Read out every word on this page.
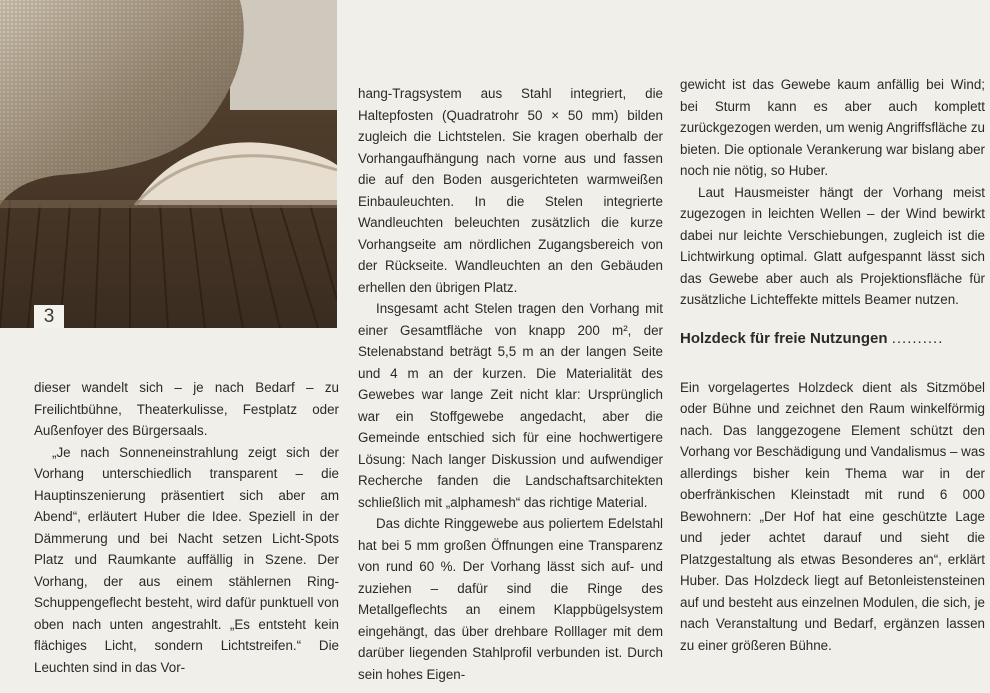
3

dieser wandelt sich – je nach Bedarf – zu Freilichtbühne, Theaterkulisse, Festplatz oder Außenfoyer des Bürgersaals.

„Je nach Sonneneinstrahlung zeigt sich der Vorhang unterschiedlich transparent – die Hauptinszenierung präsentiert sich aber am Abend“, erläutert Huber die Idee. Speziell in der Dämmerung und bei Nacht setzen Licht-Spots Platz und Raumkante auffällig in Szene. Der Vorhang, der aus einem stählernen Ring-Schuppengeflecht besteht, wird dafür punktuell von oben nach unten angestrahlt. „Es entsteht kein flächiges Licht, sondern Lichtstreifen.“ Die Leuchten sind in das Vor-

hang-Tragsystem aus Stahl integriert, die Haltepfosten (Quadratrohr 50 × 50 mm) bilden zugleich die Lichtstelen. Sie kragen oberhalb der Vorhangaufhängung nach vorne aus und fassen die auf den Boden ausgerichteten warmweißen Einbauleuchten. In die Stelen integrierte Wandleuchten beleuchten zusätzlich die kurze Vorhangseite am nördlichen Zugangsbereich von der Rückseite. Wandleuchten an den Gebäuden erhellen den übrigen Platz.

Insgesamt acht Stelen tragen den Vorhang mit einer Gesamtfläche von knapp 200 m², der Stelenabstand beträgt 5,5 m an der langen Seite und 4 m an der kurzen. Die Materialität des Gewebes war lange Zeit nicht klar: Ursprünglich war ein Stoffgewebe angedacht, aber die Gemeinde entschied sich für eine hochwertigere Lösung: Nach langer Diskussion und aufwendiger Recherche fanden die Landschaftsarchitekten schließlich mit „alphamesh“ das richtige Material.

Das dichte Ringgewebe aus poliertem Edelstahl hat bei 5 mm großen Öffnungen eine Transparenz von rund 60 %. Der Vorhang lässt sich auf- und zuziehen – dafür sind die Ringe des Metallgeflechts an einem Klappbügelsystem eingehängt, das über drehbare Rolllager mit dem darüber liegenden Stahlprofil verbunden ist. Durch sein hohes Eigen-

gewicht ist das Gewebe kaum anfällig bei Wind; bei Sturm kann es aber auch komplett zurückgezogen werden, um wenig Angriffsfläche zu bieten. Die optionale Verankerung war bislang aber noch nie nötig, so Huber.

Laut Hausmeister hängt der Vorhang meist zugezogen in leichten Wellen – der Wind bewirkt dabei nur leichte Verschiebungen, zugleich ist die Lichtwirkung optimal. Glatt aufgespannt lässt sich das Gewebe aber auch als Projektionsfläche für zusätzliche Lichteffekte mittels Beamer nutzen.

Holzdeck für freie Nutzungen ..........

Ein vorgelagertes Holzdeck dient als Sitzmöbel oder Bühne und zeichnet den Raum winkelförmig nach. Das langgezogene Element schützt den Vorhang vor Beschädigung und Vandalismus – was allerdings bisher kein Thema war in der oberfränkischen Kleinstadt mit rund 6 000 Bewohnern: „Der Hof hat eine geschützte Lage und jeder achtet darauf und sieht die Platzgestaltung als etwas Besonderes an“, erklärt Huber. Das Holzdeck liegt auf Betonleistensteinen auf und besteht aus einzelnen Modulen, die sich, je nach Veranstaltung und Bedarf, ergänzen lassen zu einer größeren Bühne.
